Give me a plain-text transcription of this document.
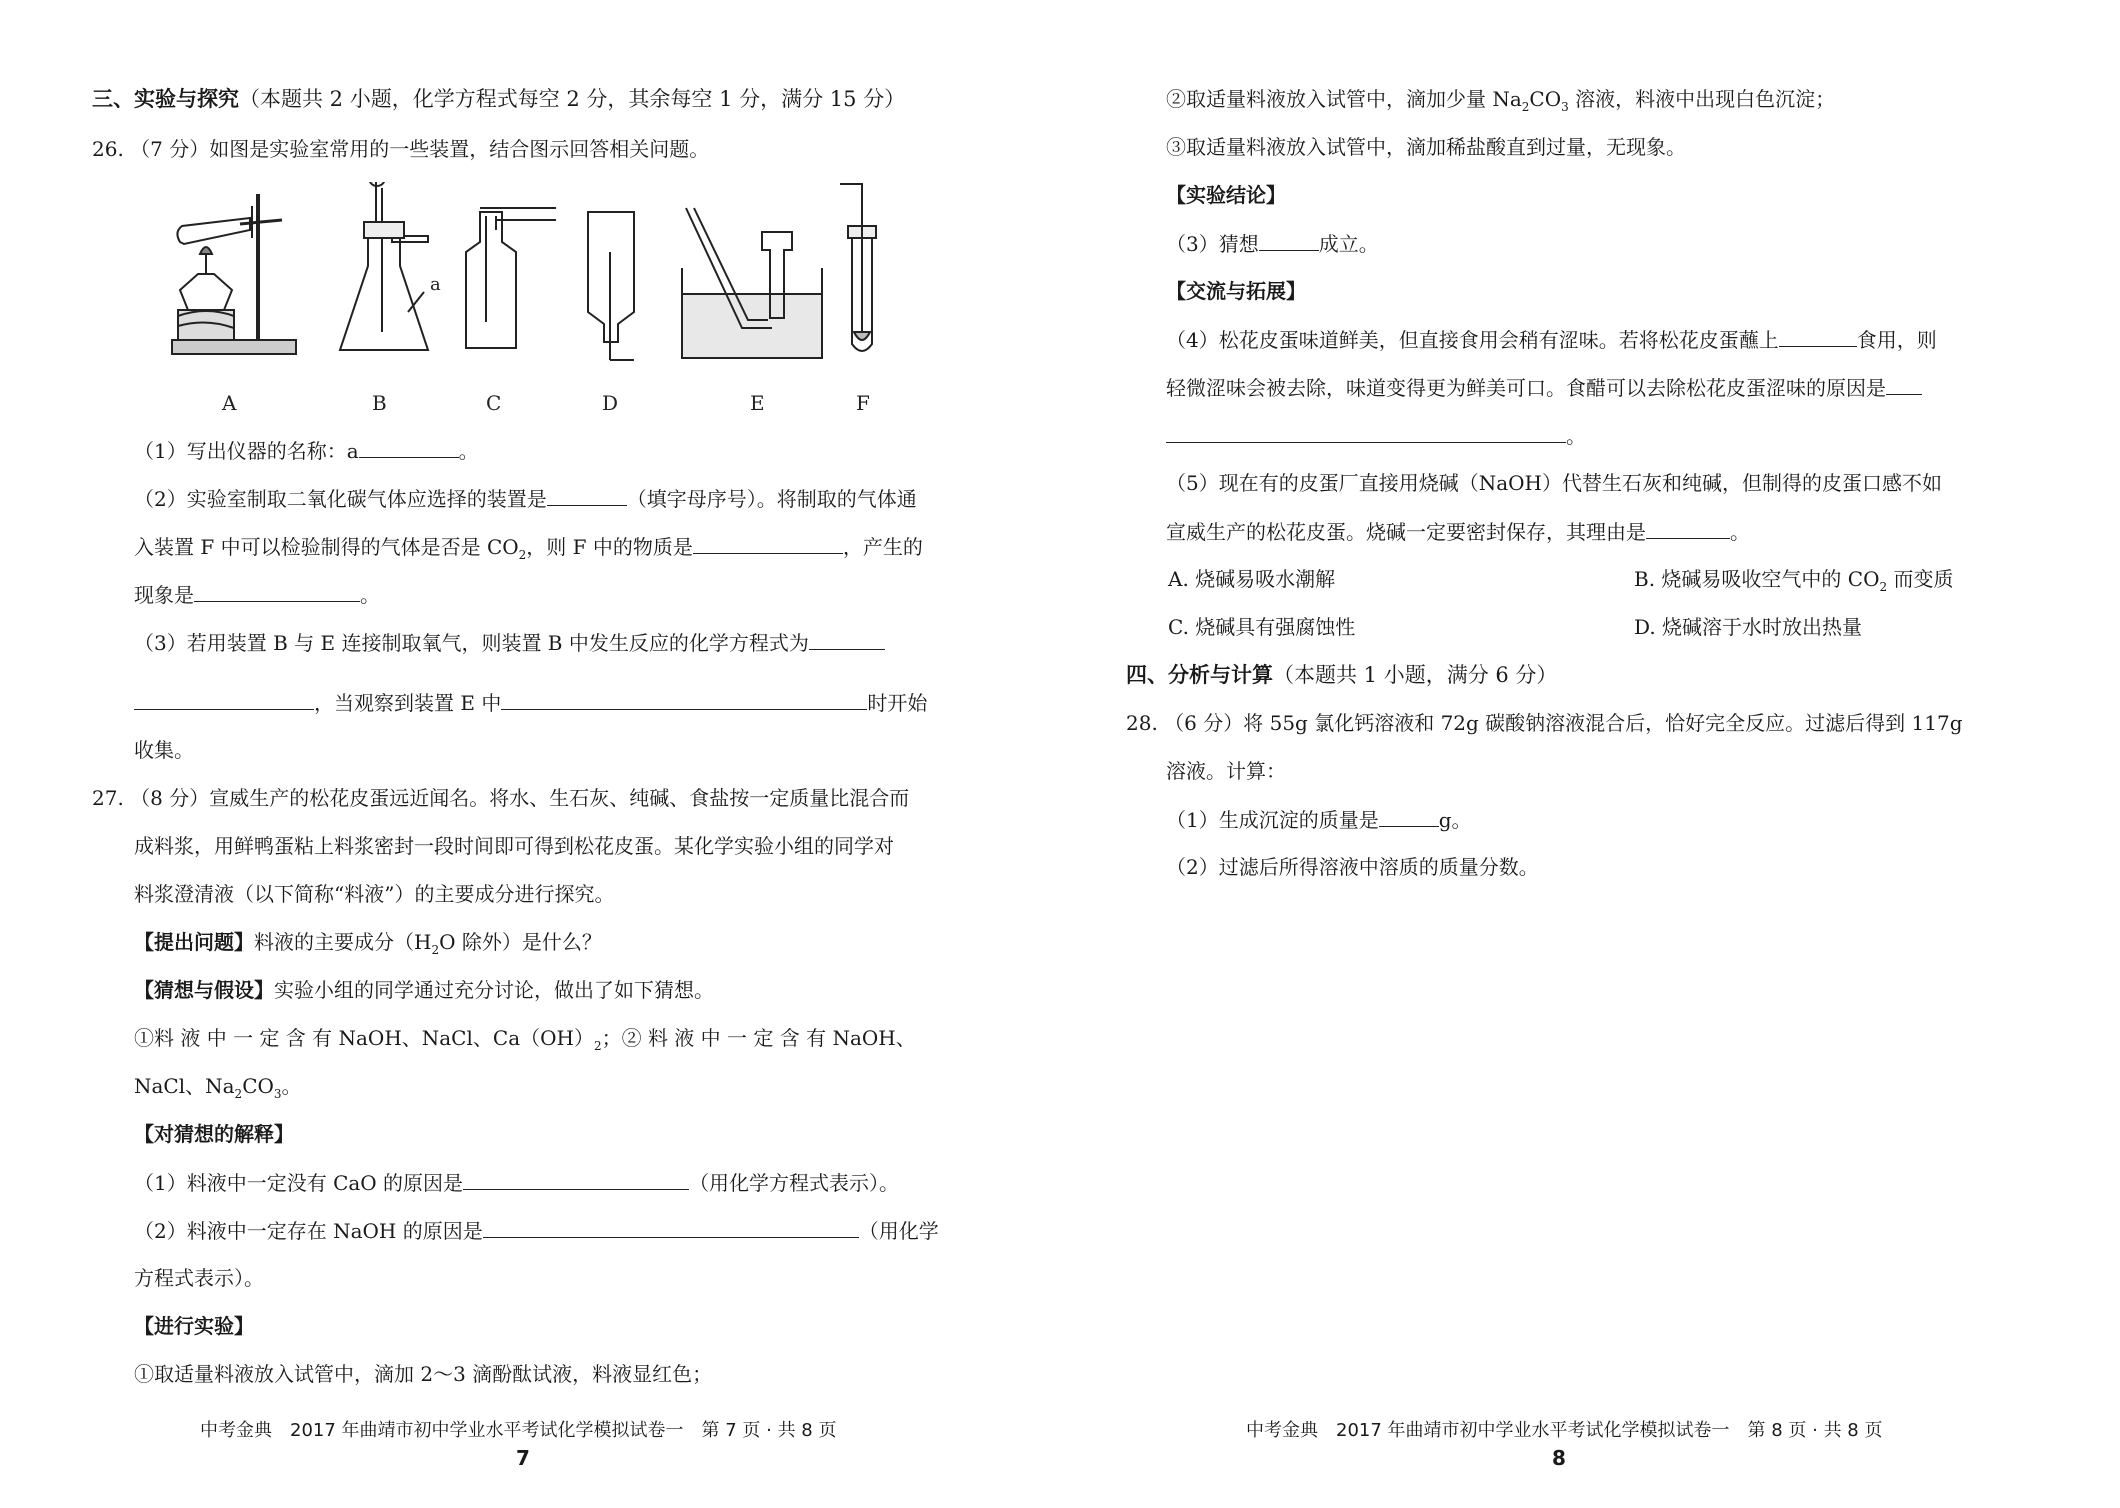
三、实验与探究（本题共 2 小题，化学方程式每空 2 分，其余每空 1 分，满分 15 分）
26. （7 分）如图是实验室常用的一些装置，结合图示回答相关问题。
a
A	B	C	D	E	F
（1）写出仪器的名称：a	。
（2）实验室制取二氧化碳气体应选择的装置是	（填字母序号）。将制取的气体通
入装置 F 中可以检验制得的气体是否是 $CO_2$，则 F 中的物质是	，产生的
现象是	。
（3）若用装置 B 与 E 连接制取氧气，则装置 B 中发生反应的化学方程式为
，当观察到装置 E 中	时开始
收集。
27. （8 分）宣威生产的松花皮蛋远近闻名。将水、生石灰、纯碱、食盐按一定质量比混合而
成料浆，用鲜鸭蛋粘上料浆密封一段时间即可得到松花皮蛋。某化学实验小组的同学对
料浆澄清液（以下简称“料液”）的主要成分进行探究。
【提出问题】料液的主要成分（$H_2O$ 除外）是什么？
【猜想与假设】实验小组的同学通过充分讨论，做出了如下猜想。
①料 液 中 一 定 含 有 NaOH、NaCl、$Ca(OH)_2$；② 料 液 中 一 定 含 有 NaOH、
NaCl、$Na_2CO_3$。
【对猜想的解释】
（1）料液中一定没有 CaO 的原因是	（用化学方程式表示）。
（2）料液中一定存在 NaOH 的原因是	（用化学
方程式表示）。
【进行实验】
①取适量料液放入试管中，滴加 2～3 滴酚酞试液，料液显红色；
中考金典　2017 年曲靖市初中学业水平考试化学模拟试卷一　第 7 页 · 共 8 页
7
②取适量料液放入试管中，滴加少量 $Na_2CO_3$ 溶液，料液中出现白色沉淀；
③取适量料液放入试管中，滴加稀盐酸直到过量，无现象。
【实验结论】
（3）猜想	成立。
【交流与拓展】
（4）松花皮蛋味道鲜美，但直接食用会稍有涩味。若将松花皮蛋蘸上	食用，则
轻微涩味会被去除，味道变得更为鲜美可口。食醋可以去除松花皮蛋涩味的原因是
。
（5）现在有的皮蛋厂直接用烧碱（NaOH）代替生石灰和纯碱，但制得的皮蛋口感不如
宣威生产的松花皮蛋。烧碱一定要密封保存，其理由是	。
A. 烧碱易吸水潮解	B. 烧碱易吸收空气中的 $CO_2$ 而变质
C. 烧碱具有强腐蚀性	D. 烧碱溶于水时放出热量
四、分析与计算（本题共 1 小题，满分 6 分）
28. （6 分）将 55g 氯化钙溶液和 72g 碳酸钠溶液混合后，恰好完全反应。过滤后得到 117g
溶液。计算：
（1）生成沉淀的质量是	g。
（2）过滤后所得溶液中溶质的质量分数。
中考金典　2017 年曲靖市初中学业水平考试化学模拟试卷一　第 8 页 · 共 8 页
8
